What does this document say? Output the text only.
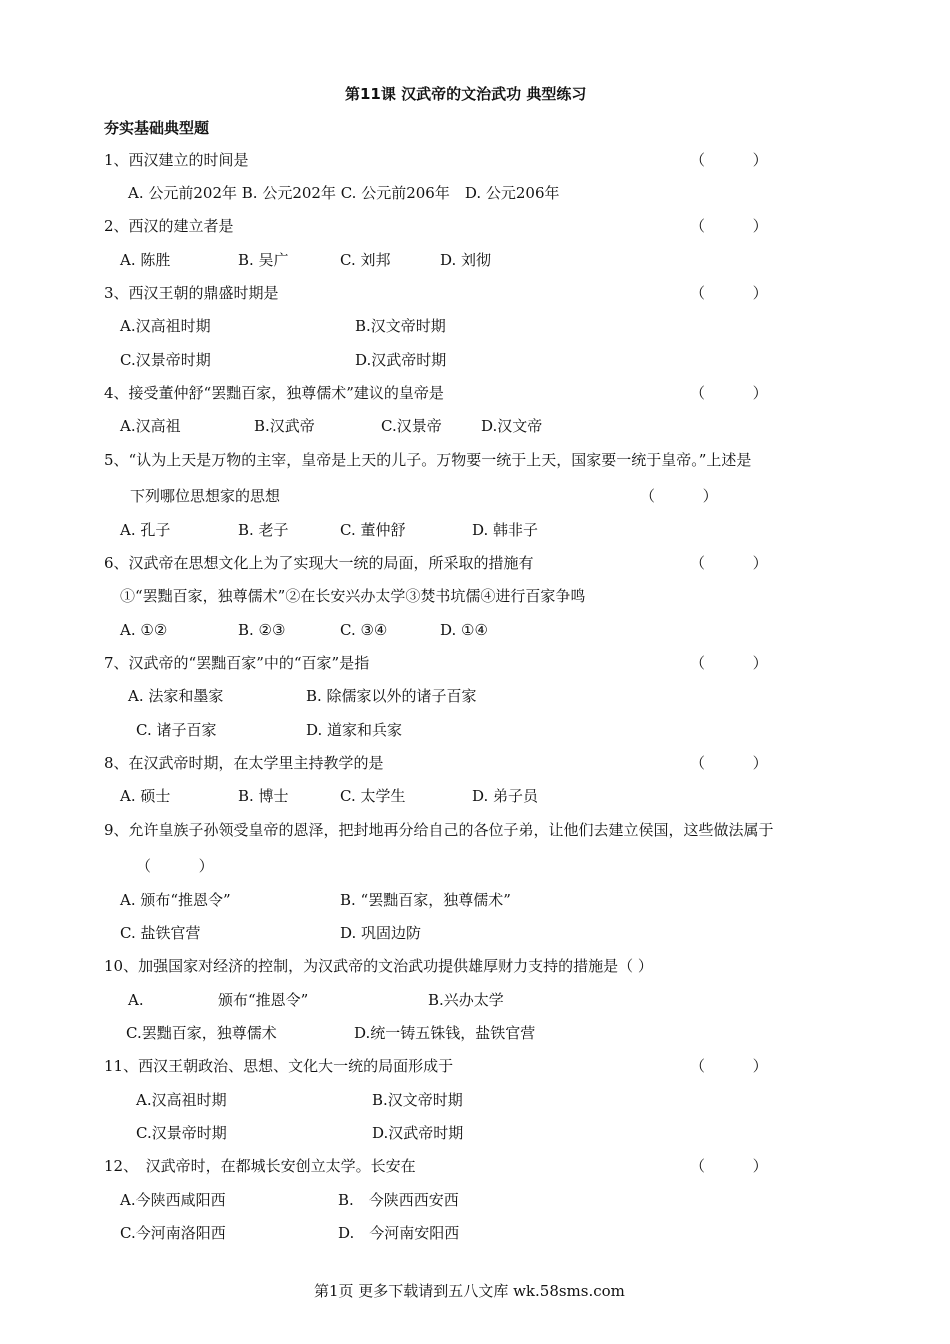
第11课 汉武帝的文治武功 典型练习
夯实基础典型题
1、西汉建立的时间是	（          ）
A. 公元前202年 B. 公元202年 C. 公元前206年　D. 公元206年
2、西汉的建立者是	（          ）
A. 陈胜	B. 吴广	C. 刘邦	D. 刘彻
3、西汉王朝的鼎盛时期是	（          ）
A.汉高祖时期	B.汉文帝时期
C.汉景帝时期	D.汉武帝时期
4、接受董仲舒“罢黜百家，独尊儒术”建议的皇帝是	（          ）
A.汉高祖	B.汉武帝	C.汉景帝	D.汉文帝
5、“认为上天是万物的主宰，皇帝是上天的儿子。万物要一统于上天，国家要一统于皇帝。”上述是
下列哪位思想家的思想	（          ）
A. 孔子	B. 老子	C. 董仲舒	D. 韩非子
6、汉武帝在思想文化上为了实现大一统的局面，所采取的措施有	（          ）
①“罢黜百家，独尊儒术”②在长安兴办太学③焚书坑儒④进行百家争鸣
A. ①②	B. ②③	C. ③④	D. ①④
7、汉武帝的“罢黜百家”中的“百家”是指	（          ）
A. 法家和墨家	B. 除儒家以外的诸子百家
C. 诸子百家	D. 道家和兵家
8、在汉武帝时期，在太学里主持教学的是	（          ）
A. 硕士	B. 博士	C. 太学生	D. 弟子员
9、允许皇族子孙领受皇帝的恩泽，把封地再分给自己的各位子弟，让他们去建立侯国，这些做法属于
（          ）
A. 颁布“推恩令”	B. “罢黜百家，独尊儒术”
C. 盐铁官营	D. 巩固边防
10、加强国家对经济的控制，为汉武帝的文治武功提供雄厚财力支持的措施是（ ）
A.	颁布“推恩令”	B.兴办太学
C.罢黜百家，独尊儒术	D.统一铸五铢钱，盐铁官营
11、西汉王朝政治、思想、文化大一统的局面形成于	（          ）
A.汉高祖时期	B.汉文帝时期
C.汉景帝时期	D.汉武帝时期
12、　汉武帝时，在都城长安创立太学。长安在	（          ）
A.今陕西咸阳西	B.　今陕西西安西
C.今河南洛阳西	D.　今河南安阳西
第1页 更多下载请到五八文库 wk.58sms.com
